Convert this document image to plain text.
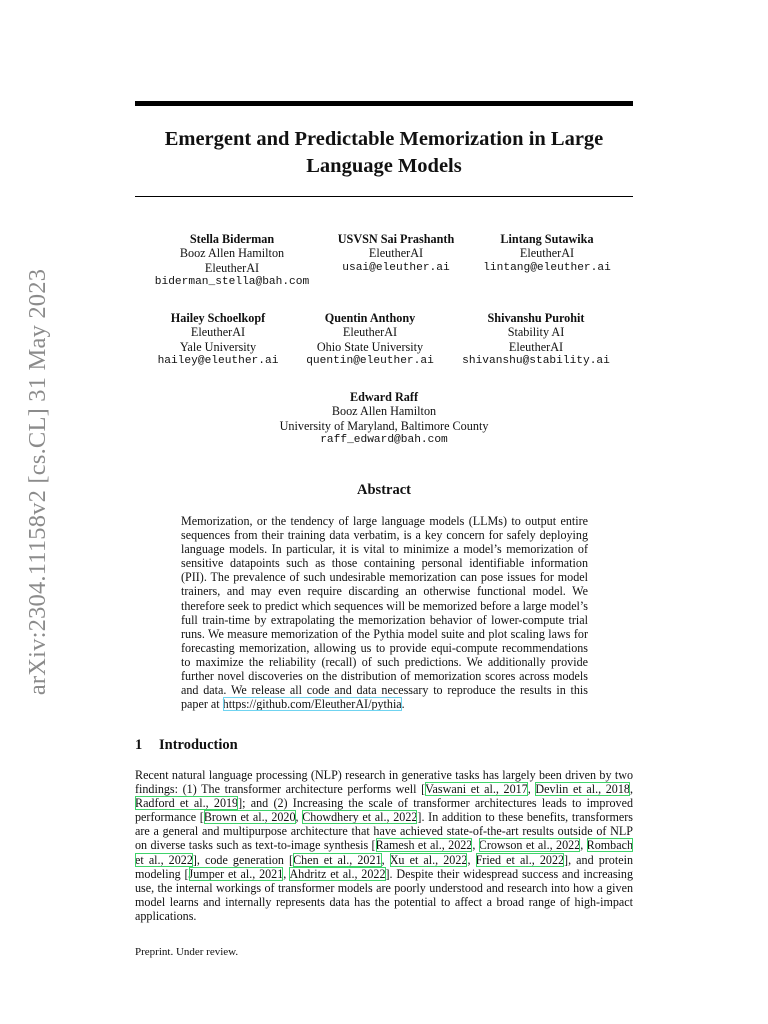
arXiv:2304.11158v2 [cs.CL] 31 May 2023
Emergent and Predictable Memorization in Large
Language Models
Stella Biderman
Booz Allen Hamilton
EleutherAI
biderman_stella@bah.com
USVSN Sai Prashanth
EleutherAI
usai@eleuther.ai
Lintang Sutawika
EleutherAI
lintang@eleuther.ai
Hailey Schoelkopf
EleutherAI
Yale University
hailey@eleuther.ai
Quentin Anthony
EleutherAI
Ohio State University
quentin@eleuther.ai
Shivanshu Purohit
Stability AI
EleutherAI
shivanshu@stability.ai
Edward Raff
Booz Allen Hamilton
University of Maryland, Baltimore County
raff_edward@bah.com
Abstract
Memorization, or the tendency of large language models (LLMs) to output entire sequences from their training data verbatim, is a key concern for safely deploying language models. In particular, it is vital to minimize a model’s memorization of sensitive datapoints such as those containing personal identifiable information (PII). The prevalence of such undesirable memorization can pose issues for model trainers, and may even require discarding an otherwise functional model. We therefore seek to predict which sequences will be memorized before a large model’s full train-time by extrapolating the memorization behavior of lower-compute trial runs. We measure memorization of the Pythia model suite and plot scaling laws for forecasting memorization, allowing us to provide equi-compute recommendations to maximize the reliability (recall) of such predictions. We additionally provide further novel discoveries on the distribution of memorization scores across models and data. We release all code and data necessary to reproduce the results in this paper at https://github.com/EleutherAI/pythia.
1 Introduction
Recent natural language processing (NLP) research in generative tasks has largely been driven by two findings: (1) The transformer architecture performs well [Vaswani et al., 2017, Devlin et al., 2018, Radford et al., 2019]; and (2) Increasing the scale of transformer architectures leads to improved performance [Brown et al., 2020, Chowdhery et al., 2022]. In addition to these benefits, transformers are a general and multipurpose architecture that have achieved state-of-the-art results outside of NLP on diverse tasks such as text-to-image synthesis [Ramesh et al., 2022, Crowson et al., 2022, Rombach et al., 2022], code generation [Chen et al., 2021, Xu et al., 2022, Fried et al., 2022], and protein modeling [Jumper et al., 2021, Ahdritz et al., 2022]. Despite their widespread success and increasing use, the internal workings of transformer models are poorly understood and research into how a given model learns and internally represents data has the potential to affect a broad range of high-impact applications.
Preprint. Under review.
